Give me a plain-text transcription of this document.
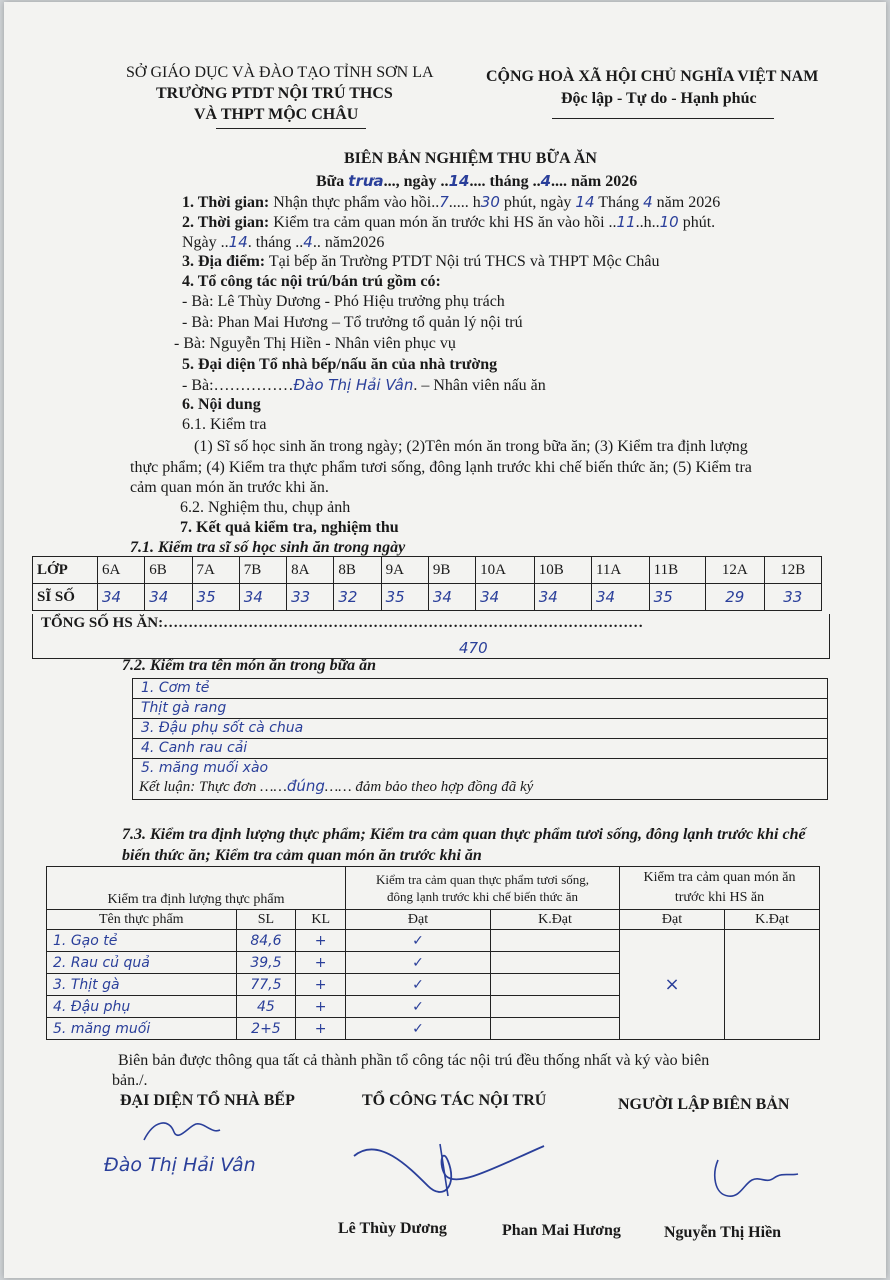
SỞ GIÁO DỤC VÀ ĐÀO TẠO TỈNH SƠN LA
TRƯỜNG PTDT NỘI TRÚ THCS
VÀ THPT MỘC CHÂU
CỘNG HOÀ XÃ HỘI CHỦ NGHĨA VIỆT NAM
Độc lập - Tự do - Hạnh phúc
BIÊN BẢN NGHIỆM THU BỮA ĂN
Bữa trưa..., ngày ..14.... tháng ..4.... năm 2026
1. Thời gian: Nhận thực phẩm vào hồi..7..... h30 phút, ngày 14 Tháng 4 năm 2026
2. Thời gian: Kiểm tra cảm quan món ăn trước khi HS ăn vào hồi ..11..h..10 phút.
Ngày ..14. tháng ..4.. năm2026
3. Địa điểm: Tại bếp ăn Trường PTDT Nội trú THCS và THPT Mộc Châu
4. Tổ công tác nội trú/bán trú gồm có:
- Bà: Lê Thùy Dương - Phó Hiệu trưởng phụ trách
- Bà: Phan Mai Hương – Tổ trưởng tổ quản lý nội trú
- Bà: Nguyễn Thị Hiền - Nhân viên phục vụ
5. Đại diện Tổ nhà bếp/nấu ăn của nhà trường
- Bà:……………Đào Thị Hải Vân. – Nhân viên nấu ăn
6. Nội dung
6.1. Kiểm tra
(1) Sĩ số học sinh ăn trong ngày; (2)Tên món ăn trong bữa ăn; (3) Kiểm tra định lượng
thực phẩm; (4) Kiểm tra thực phẩm tươi sống, đông lạnh trước khi chế biến thức ăn; (5) Kiểm tra
cảm quan món ăn trước khi ăn.
6.2. Nghiệm thu, chụp ảnh
7. Kết quả kiểm tra, nghiệm thu
7.1. Kiểm tra sĩ số học sinh ăn trong ngày
LỚP	6A	6B	7A	7B	8A	8B	9A	9B	10A	10B	11A	11B	12A	12B
SĨ SỐ	34	34	35	34	33	32	35	34	34	34	34	35	29	33
TỔNG SỐ HS ĂN:……………………………………………………………………………………
470
7.2. Kiểm tra tên món ăn trong bữa ăn
1. Cơm tẻ
Thịt gà rang
3. Đậu phụ sốt cà chua
4. Canh rau cải
5. măng muối xào
Kết luận: Thực đơn ……đúng…… đảm bảo theo hợp đồng đã ký
7.3. Kiểm tra định lượng thực phẩm; Kiểm tra cảm quan thực phẩm tươi sống, đông lạnh trước khi chế
biến thức ăn; Kiểm tra cảm quan món ăn trước khi ăn
Kiểm tra định lượng thực phẩm			Kiểm tra cảm quan thực phẩm tươi sống,
đông lạnh trước khi chế biến thức ăn		Kiểm tra cảm quan món ăn
trước khi HS ăn	
Tên thực phẩm	SL	KL	Đạt	K.Đạt	Đạt	K.Đạt
1. Gạo tẻ	84,6	+	✓		×	
2. Rau củ quả	39,5	+	✓			
3. Thịt gà	77,5	+	✓			
4. Đậu phụ	45	+	✓			
5. măng muối	2+5	+	✓			
Biên bản được thông qua tất cả thành phần tổ công tác nội trú đều thống nhất và ký vào biên
bản./.
ĐẠI DIỆN TỔ NHÀ BẾP	TỔ CÔNG TÁC NỘI TRÚ	NGƯỜI LẬP BIÊN BẢN
Đào Thị Hải Vân
Lê Thùy Dương	Phan Mai Hương	Nguyễn Thị Hiền
